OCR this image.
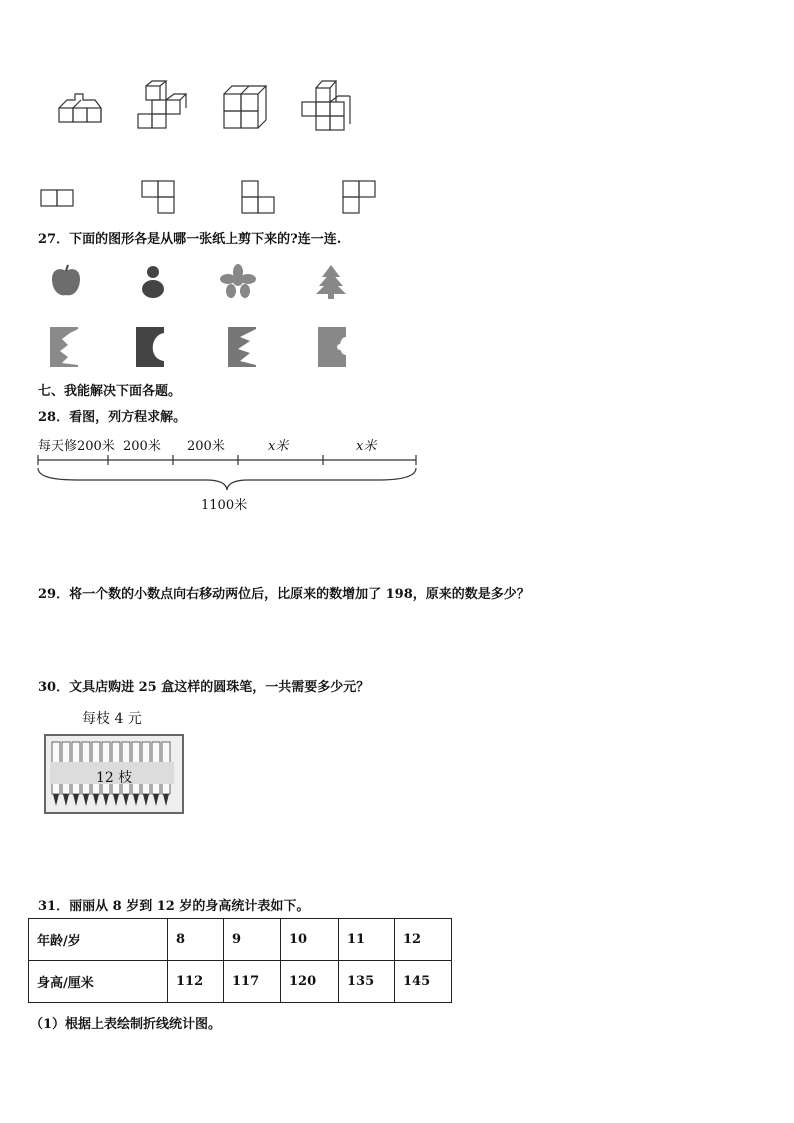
27．下面的图形各是从哪一张纸上剪下来的?连一连.
七、我能解决下面各题。
28．看图，列方程求解。
每天修200米 200米 200米	x米	x米
1100米
29．将一个数的小数点向右移动两位后，比原来的数增加了 198，原来的数是多少？
30．文具店购进 25 盒这样的圆珠笔，一共需要多少元？
每枝 4 元
12 枝
31．丽丽从 8 岁到 12 岁的身高统计表如下。
年龄/岁	8	9	10	11	12
身高/厘米	112	117	120	135	145
（1）根据上表绘制折线统计图。
